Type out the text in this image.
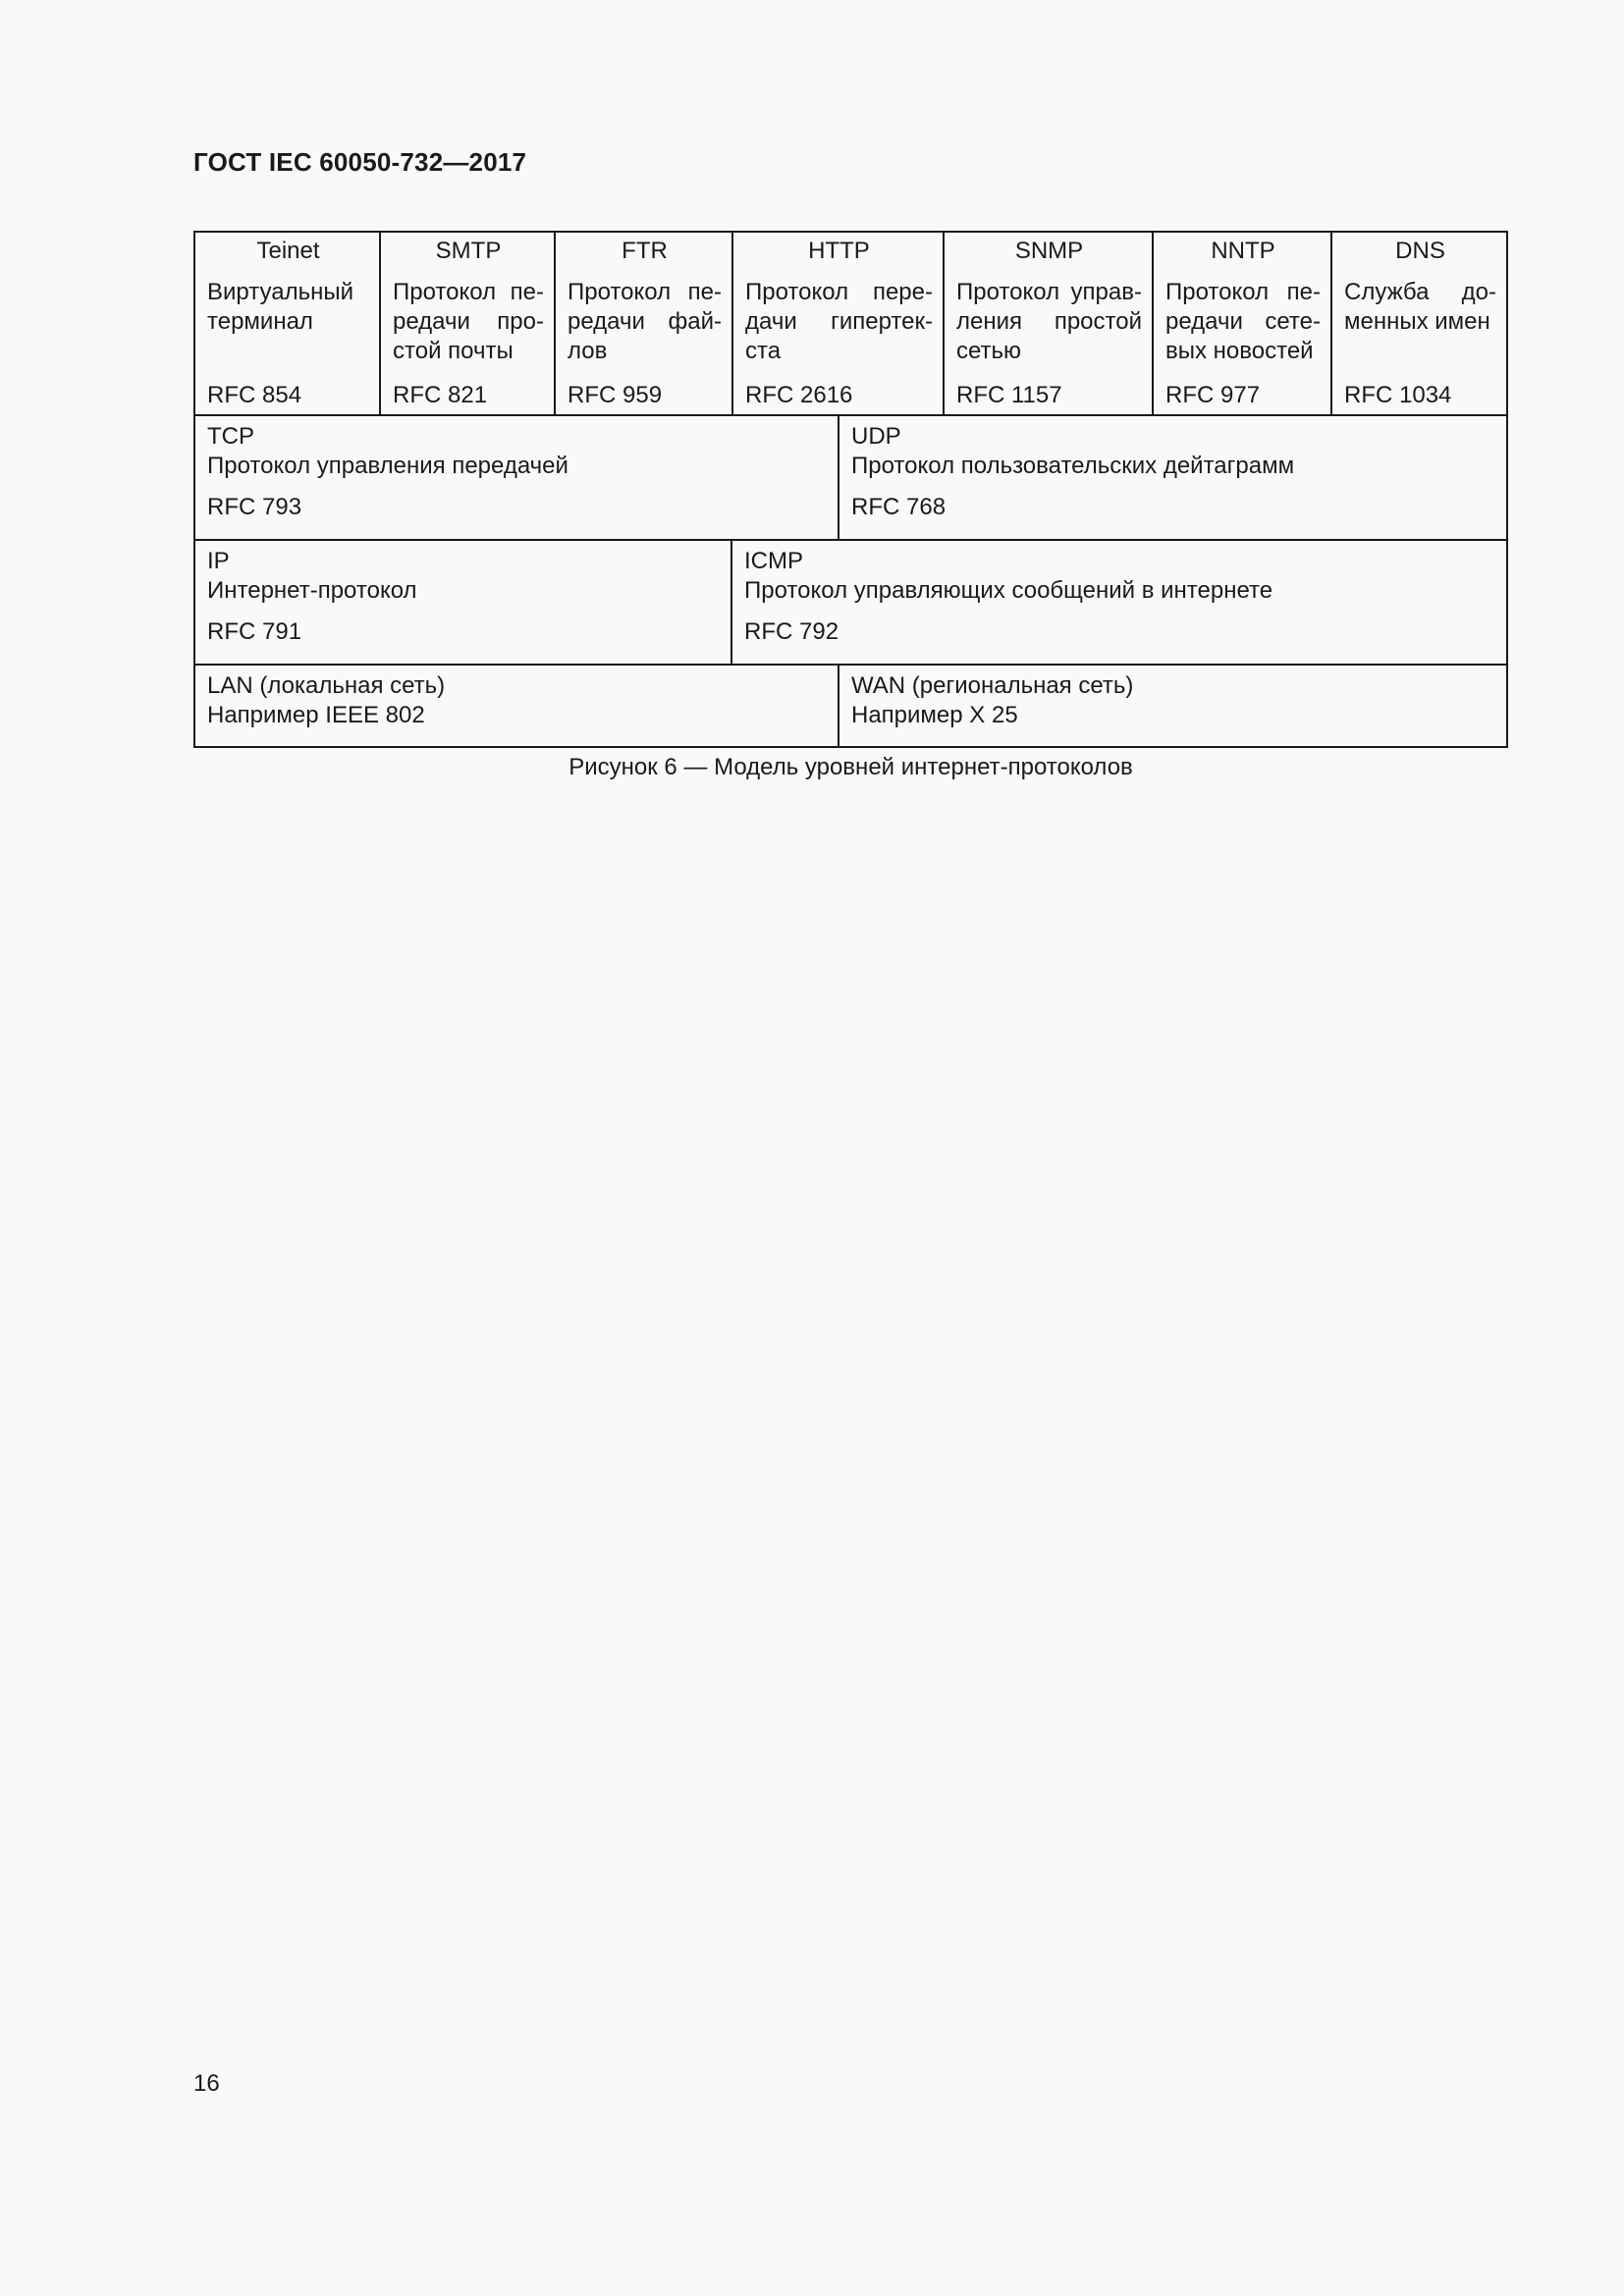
ГОСТ IEC 60050-732—2017
Teinet
Виртуальный терминал
RFC 854
SMTP
Протокол передачи простой почты
RFC 821
FTR
Протокол передачи файлов
RFC 959
HTTP
Протокол передачи гипертекста
RFC 2616
SNMP
Протокол управления простой сетью
RFC 1157
NNTP
Протокол передачи сетевых новостей
RFC 977
DNS
Служба доменных имен
RFC 1034
TCP
Протокол управления передачей
RFC 793
UDP
Протокол пользовательских дейтаграмм
RFC 768
IP
Интернет-протокол
RFC 791
ICMP
Протокол управляющих сообщений в интернете
RFC 792
LAN (локальная сеть)
Например IEEE 802
WAN (региональная сеть)
Например X 25
Рисунок 6 — Модель уровней интернет-протоколов
16
